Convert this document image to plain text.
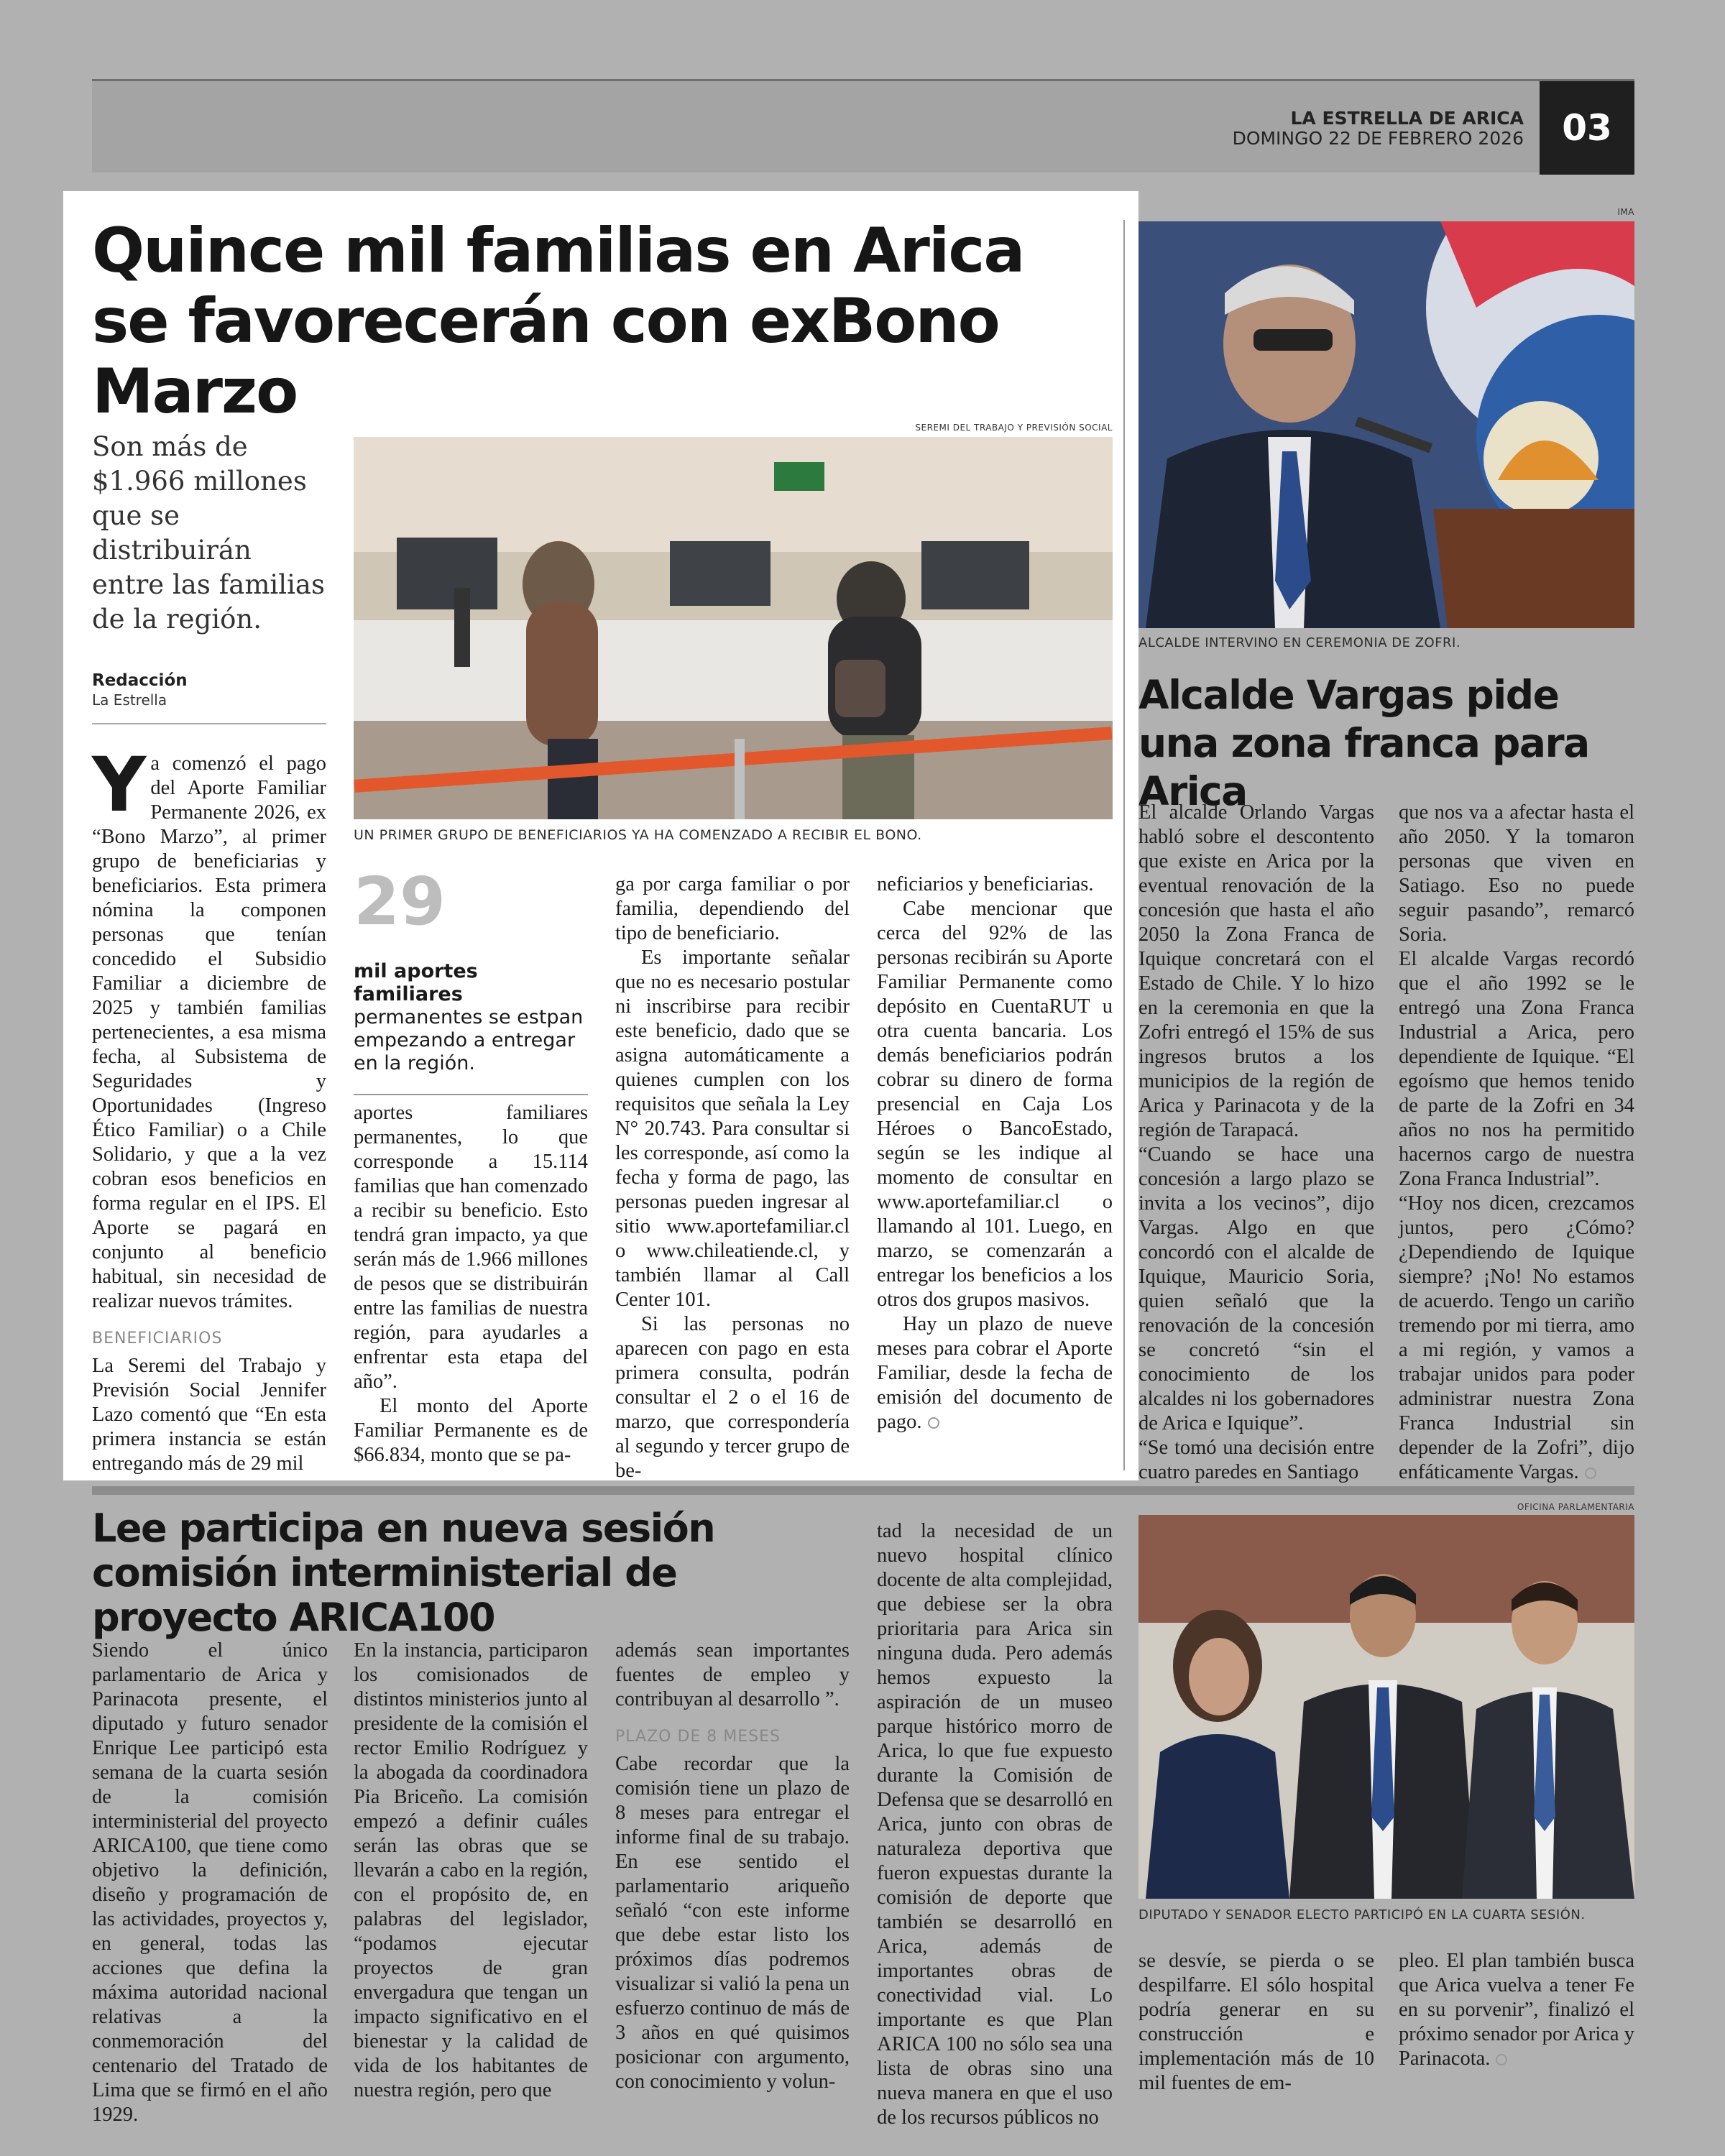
LA ESTRELLA DE ARICA
DOMINGO 22 DE FEBRERO 2026	03
Quince mil familias en Arica se favorecerán con exBono Marzo
Son más de $1.966 millones que se distribuirán entre las familias de la región.
Redacción
La Estrella
SEREMI DEL TRABAJO Y PREVISIÓN SOCIAL
UN PRIMER GRUPO DE BENEFICIARIOS YA HA COMENZADO A RECIBIR EL BONO.

Ya comenzó el pago del Aporte Familiar Permanente 2026, ex “Bono Marzo”, al primer grupo de beneficiarias y beneficiarios. Esta primera nómina la componen personas que tenían concedido el Subsidio Familiar a diciembre de 2025 y también familias pertenecientes, a esa misma fecha, al Subsistema de Seguridades y Oportunidades (Ingreso Ético Familiar) o a Chile Solidario, y que a la vez cobran esos beneficios en forma regular en el IPS. El Aporte se pagará en conjunto al beneficio habitual, sin necesidad de realizar nuevos trámites.

BENEFICIARIOS

La Seremi del Trabajo y Previsión Social Jennifer Lazo comentó que “En esta primera instancia se están entregando más de 29 mil

29
mil aportes familiares
permanentes se estpan empezando a entregar en la región.

aportes familiares permanentes, lo que corresponde a 15.114 familias que han comenzado a recibir su beneficio. Esto tendrá gran impacto, ya que serán más de 1.966 millones de pesos que se distribuirán entre las familias de nuestra región, para ayudarles a enfrentar esta etapa del año”.

El monto del Aporte Familiar Permanente es de $66.834, monto que se pa-

ga por carga familiar o por familia, dependiendo del tipo de beneficiario.

Es importante señalar que no es necesario postular ni inscribirse para recibir este beneficio, dado que se asigna automáticamente a quienes cumplen con los requisitos que señala la Ley N° 20.743. Para consultar si les corresponde, así como la fecha y forma de pago, las personas pueden ingresar al sitio www.aportefamiliar.cl o www.chileatiende.cl, y también llamar al Call Center 101.

Si las personas no aparecen con pago en esta primera consulta, podrán consultar el 2 o el 16 de marzo, que correspondería al segundo y tercer grupo de be-

neficiarios y beneficiarias.

Cabe mencionar que cerca del 92% de las personas recibirán su Aporte Familiar Permanente como depósito en CuentaRUT u otra cuenta bancaria. Los demás beneficiarios podrán cobrar su dinero de forma presencial en Caja Los Héroes o BancoEstado, según se les indique al momento de consultar en www.aportefamiliar.cl o llamando al 101. Luego, en marzo, se comenzarán a entregar los beneficios a los otros dos grupos masivos.

Hay un plazo de nueve meses para cobrar el Aporte Familiar, desde la fecha de emisión del documento de pago.

IMA
ALCALDE INTERVINO EN CEREMONIA DE ZOFRI.
Alcalde Vargas pide una zona franca para Arica

El alcalde Orlando Vargas habló sobre el descontento que existe en Arica por la eventual renovación de la concesión que hasta el año 2050 la Zona Franca de Iquique concretará con el Estado de Chile. Y lo hizo en la ceremonia en que la Zofri entregó el 15% de sus ingresos brutos a los municipios de la región de Arica y Parinacota y de la región de Tarapacá.

“Cuando se hace una concesión a largo plazo se invita a los vecinos”, dijo Vargas. Algo en que concordó con el alcalde de Iquique, Mauricio Soria, quien señaló que la renovación de la concesión se concretó “sin el conocimiento de los alcaldes ni los gobernadores de Arica e Iquique”.

“Se tomó una decisión entre cuatro paredes en Santiago

que nos va a afectar hasta el año 2050. Y la tomaron personas que viven en Satiago. Eso no puede seguir pasando”, remarcó Soria.

El alcalde Vargas recordó que el año 1992 se le entregó una Zona Franca Industrial a Arica, pero dependiente de Iquique. “El egoísmo que hemos tenido de parte de la Zofri en 34 años no nos ha permitido hacernos cargo de nuestra Zona Franca Industrial”.

“Hoy nos dicen, crezcamos juntos, pero ¿Cómo? ¿Dependiendo de Iquique siempre? ¡No! No estamos de acuerdo. Tengo un cariño tremendo por mi tierra, amo a mi región, y vamos a trabajar unidos para poder administrar nuestra Zona Franca Industrial sin depender de la Zofri”, dijo enfáticamente Vargas.

Lee participa en nueva sesión comisión interministerial de proyecto ARICA100

Siendo el único parlamentario de Arica y Parinacota presente, el diputado y futuro senador Enrique Lee participó esta semana de la cuarta sesión de la comisión interministerial del proyecto ARICA100, que tiene como objetivo la definición, diseño y programación de las actividades, proyectos y, en general, todas las acciones que defina la máxima autoridad nacional relativas a la conmemoración del centenario del Tratado de Lima que se firmó en el año 1929.

En la instancia, participaron los comisionados de distintos ministerios junto al presidente de la comisión el rector Emilio Rodríguez y la abogada da coordinadora Pia Briceño. La comisión empezó a definir cuáles serán las obras que se llevarán a cabo en la región, con el propósito de, en palabras del legislador, “podamos ejecutar proyectos de gran envergadura que tengan un impacto significativo en el bienestar y la calidad de vida de los habitantes de nuestra región, pero que

además sean importantes fuentes de empleo y contribuyan al desarrollo ”.

PLAZO DE 8 MESES

Cabe recordar que la comisión tiene un plazo de 8 meses para entregar el informe final de su trabajo. En ese sentido el parlamentario ariqueño señaló “con este informe que debe estar listo los próximos días podremos visualizar si valió la pena un esfuerzo continuo de más de 3 años en qué quisimos posicionar con argumento, con conocimiento y volun-

tad la necesidad de un nuevo hospital clínico docente de alta complejidad, que debiese ser la obra prioritaria para Arica sin ninguna duda. Pero además hemos expuesto la aspiración de un museo parque histórico morro de Arica, lo que fue expuesto durante la Comisión de Defensa que se desarrolló en Arica, junto con obras de naturaleza deportiva que fueron expuestas durante la comisión de deporte que también se desarrolló en Arica, además de importantes obras de conectividad vial. Lo importante es que Plan ARICA 100 no sólo sea una lista de obras sino una nueva manera en que el uso de los recursos públicos no

OFICINA PARLAMENTARIA
DIPUTADO Y SENADOR ELECTO PARTICIPÓ EN LA CUARTA SESIÓN.

se desvíe, se pierda o se despilfarre. El sólo hospital podría generar en su construcción e implementación más de 10 mil fuentes de em-

pleo. El plan también busca que Arica vuelva a tener Fe en su porvenir”, finalizó el próximo senador por Arica y Parinacota.
